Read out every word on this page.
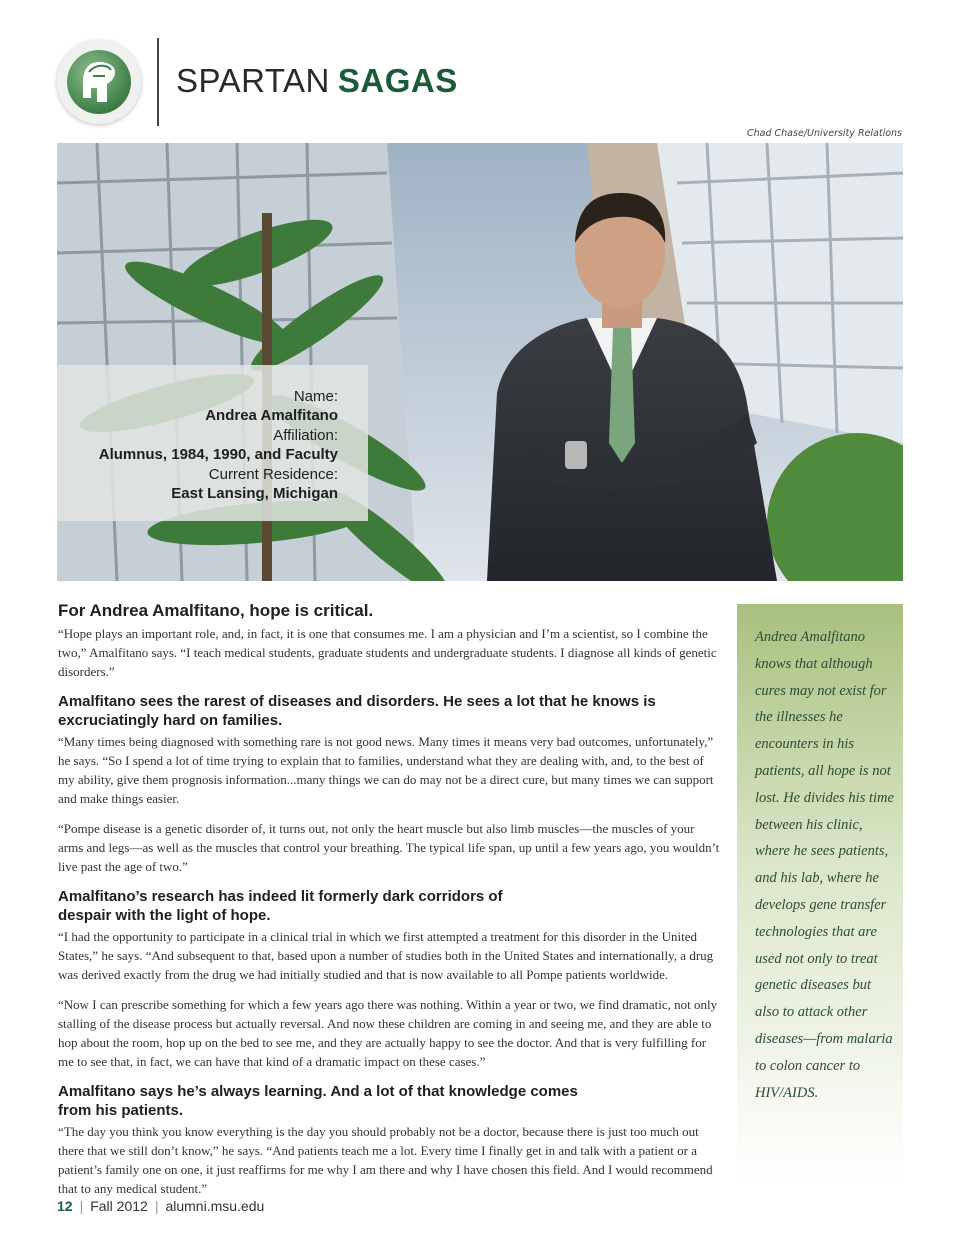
SPARTAN SAGAS
Chad Chase/University Relations
Name:
Andrea Amalfitano
Affiliation:
Alumnus, 1984, 1990, and Faculty
Current Residence:
East Lansing, Michigan
For Andrea Amalfitano, hope is critical.

“Hope plays an important role, and, in fact, it is one that consumes me. I am a physician and I’m a scientist, so I combine the two,” Amalfitano says. “I teach medical students, graduate students and undergraduate students. I diagnose all kinds of genetic disorders.”

Amalfitano sees the rarest of diseases and disorders. He sees a lot that he knows is excruciatingly hard on families.

“Many times being diagnosed with something rare is not good news. Many times it means very bad outcomes, unfortunately,” he says. “So I spend a lot of time trying to explain that to families, understand what they are dealing with, and, to the best of my ability, give them prognosis information...many things we can do may not be a direct cure, but many times we can support and make things easier.

“Pompe disease is a genetic disorder of, it turns out, not only the heart muscle but also limb muscles—the muscles of your arms and legs—as well as the muscles that control your breathing. The typical life span, up until a few years ago, you wouldn’t live past the age of two.”

Amalfitano’s research has indeed lit formerly dark corridors of despair with the light of hope.

“I had the opportunity to participate in a clinical trial in which we first attempted a treatment for this disorder in the United States,” he says. “And subsequent to that, based upon a number of studies both in the United States and internationally, a drug was derived exactly from the drug we had initially studied and that is now available to all Pompe patients worldwide.

“Now I can prescribe something for which a few years ago there was nothing. Within a year or two, we find dramatic, not only stalling of the disease process but actually reversal. And now these children are coming in and seeing me, and they are able to hop about the room, hop up on the bed to see me, and they are actually happy to see the doctor. And that is very fulfilling for me to see that, in fact, we can have that kind of a dramatic impact on these cases.”

Amalfitano says he’s always learning. And a lot of that knowledge comes from his patients.

“The day you think you know everything is the day you should probably not be a doctor, because there is just too much out there that we still don’t know,” he says. “And patients teach me a lot. Every time I finally get in and talk with a patient or a patient’s family one on one, it just reaffirms for me why I am there and why I have chosen this field. And I would recommend that to any medical student.”

Andrea Amalfitano knows that although cures may not exist for the illnesses he encounters in his patients, all hope is not lost. He divides his time between his clinic, where he sees patients, and his lab, where he develops gene transfer technologies that are used not only to treat genetic diseases but also to attack other diseases—from malaria to colon cancer to HIV/AIDS.
12 | Fall 2012 | alumni.msu.edu
